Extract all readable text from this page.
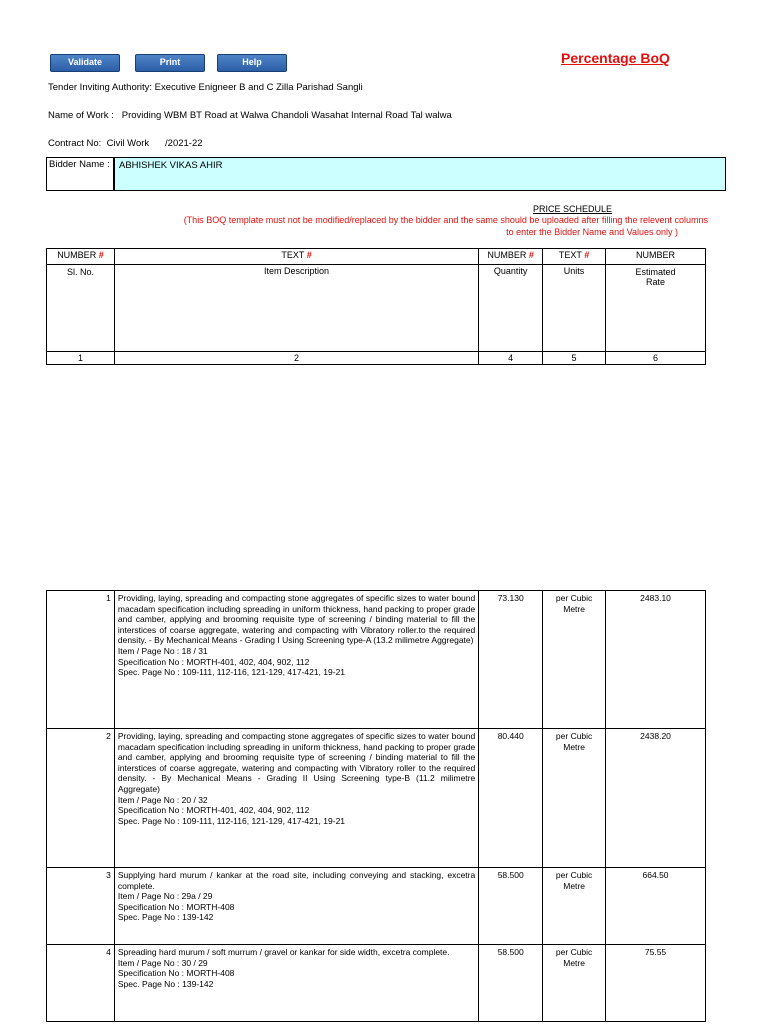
Validate	Print	Help	Percentage BoQ
Tender Inviting Authority: Executive Enigneer B and C Zilla Parishad Sangli
Name of Work :   Providing WBM BT Road at Walwa Chandoli Wasahat Internal Road Tal walwa
Contract No:  Civil Work      /2021-22
Bidder Name : ABHISHEK VIKAS AHIR
PRICE SCHEDULE
(This BOQ template must not be modified/replaced by the bidder and the same should be uploaded after filling the relevent columns
to enter the Bidder Name and Values only )
NUMBER #	TEXT #	NUMBER #	TEXT #	NUMBER
Sl. No.	Item Description	Quantity	Units	Estimated Rate
1	2	4	5	6
1	Providing, laying, spreading and compacting stone aggregates of specific sizes to water bound macadam specification including spreading in uniform thickness, hand packing to proper grade and camber, applying and brooming requisite type of screening / binding material to fill the interstices of coarse aggregate, watering and compacting with Vibratory roller.to the required density. - By Mechanical Means - Grading I Using Screening type-A (13.2 milimetre Aggregate)
Item / Page No : 18 / 31
Specification No : MORTH-401, 402, 404, 902, 112
Spec. Page No : 109-111, 112-116, 121-129, 417-421, 19-21	73.130	per Cubic Metre	2483.10
2	Providing, laying, spreading and compacting stone aggregates of specific sizes to water bound macadam specification including spreading in uniform thickness, hand packing to proper grade and camber, applying and brooming requisite type of screening / binding material to fill the interstices of coarse aggregate, watering and compacting with Vibratory roller to the required density. - By Mechanical Means - Grading II Using Screening type-B (11.2 milimetre Aggregate)
Item / Page No : 20 / 32
Specification No : MORTH-401, 402, 404, 902, 112
Spec. Page No : 109-111, 112-116, 121-129, 417-421, 19-21	80.440	per Cubic Metre	2438.20
3	Supplying hard murum / kankar at the road site, including conveying and stacking, excetra complete.
Item / Page No : 29a / 29
Specification No : MORTH-408
Spec. Page No : 139-142	58.500	per Cubic Metre	664.50
4	Spreading hard murum / soft murrum / gravel or kankar for side width, excetra complete.
Item / Page No : 30 / 29
Specification No : MORTH-408
Spec. Page No : 139-142	58.500	per Cubic Metre	75.55
